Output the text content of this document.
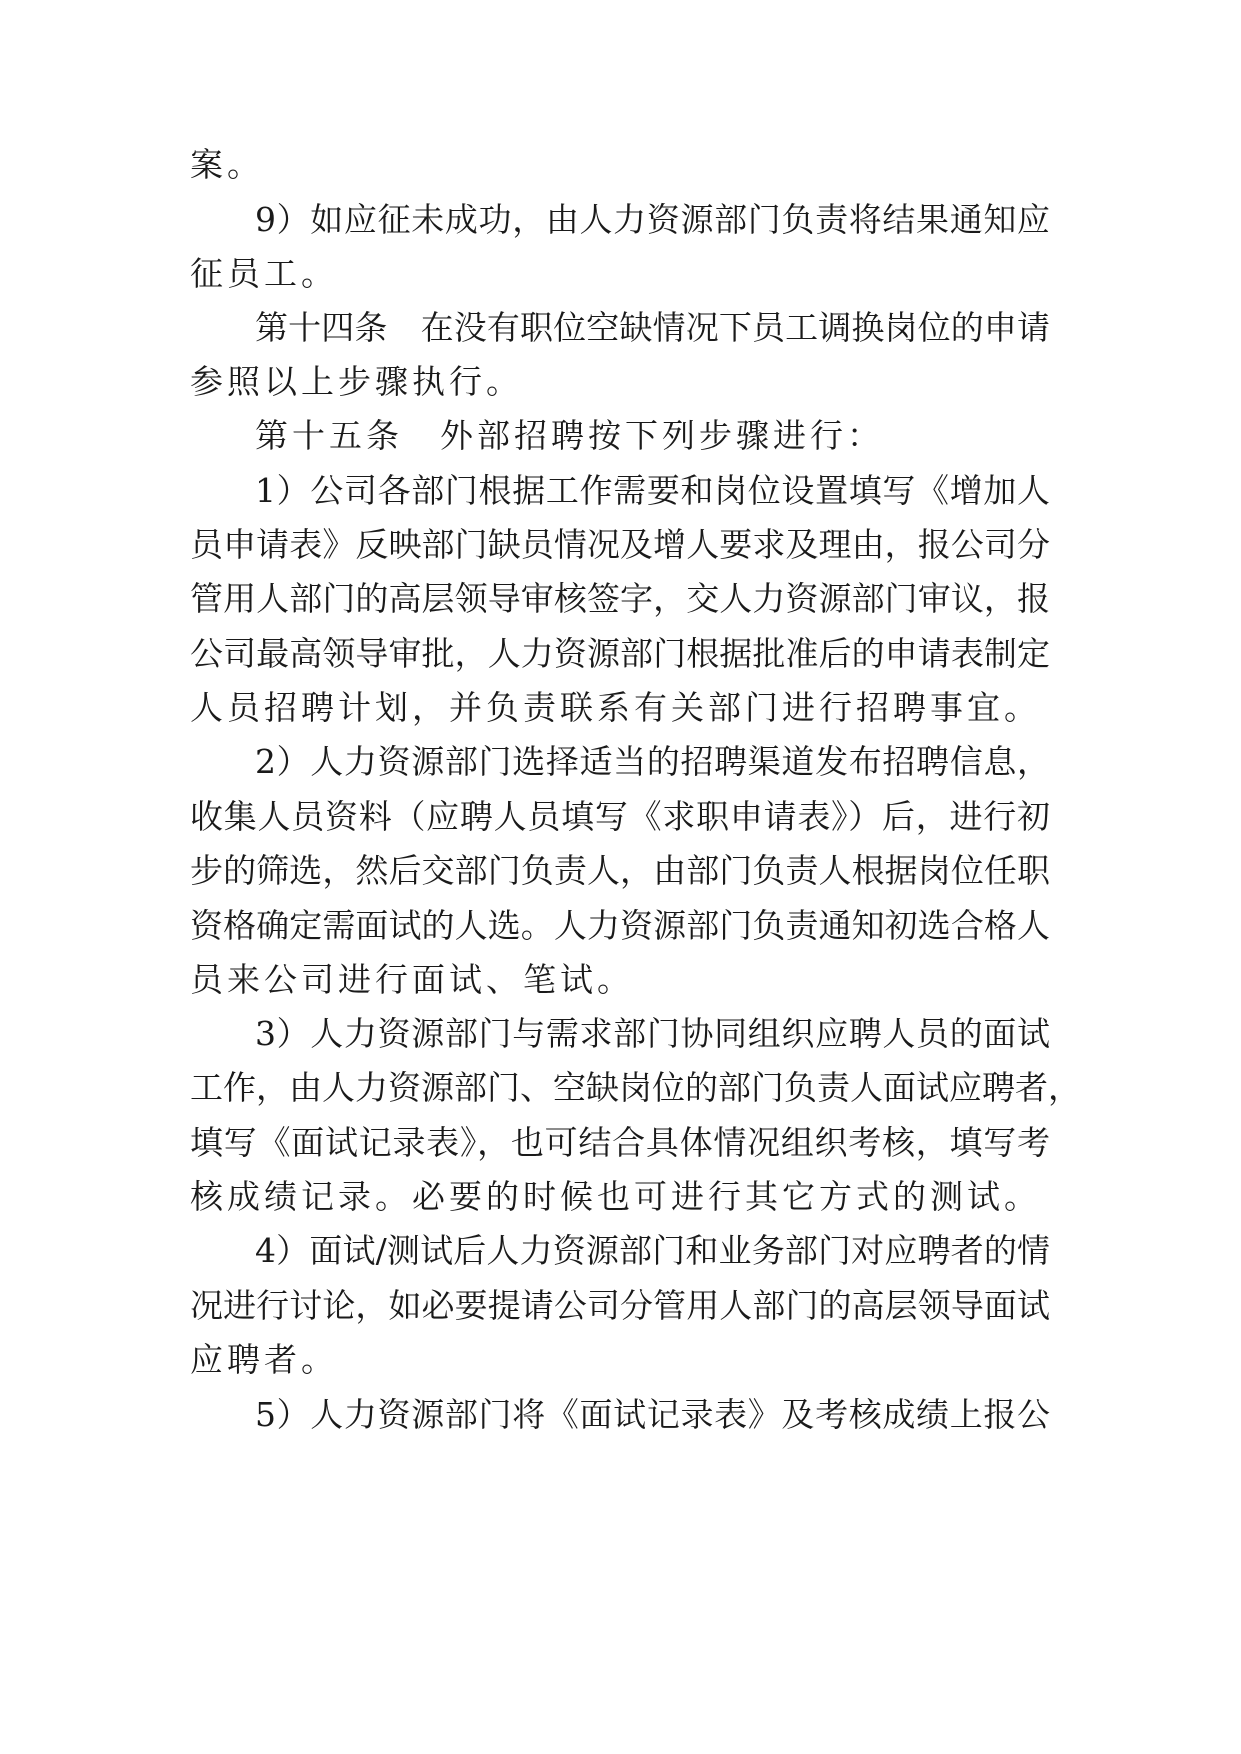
案。
9）如应征未成功，由人力资源部门负责将结果通知应
征员工。
第十四条　在没有职位空缺情况下员工调换岗位的申请
参照以上步骤执行。
第十五条　外部招聘按下列步骤进行：
1）公司各部门根据工作需要和岗位设置填写《增加人
员申请表》反映部门缺员情况及增人要求及理由，报公司分
管用人部门的高层领导审核签字，交人力资源部门审议，报
公司最高领导审批，人力资源部门根据批准后的申请表制定
人员招聘计划，并负责联系有关部门进行招聘事宜。
2）人力资源部门选择适当的招聘渠道发布招聘信息，
收集人员资料（应聘人员填写《求职申请表》）后，进行初
步的筛选，然后交部门负责人，由部门负责人根据岗位任职
资格确定需面试的人选。人力资源部门负责通知初选合格人
员来公司进行面试、笔试。
3）人力资源部门与需求部门协同组织应聘人员的面试
工作，由人力资源部门、空缺岗位的部门负责人面试应聘者，
填写《面试记录表》，也可结合具体情况组织考核，填写考
核成绩记录。必要的时候也可进行其它方式的测试。
4）面试/测试后人力资源部门和业务部门对应聘者的情
况进行讨论，如必要提请公司分管用人部门的高层领导面试
应聘者。
5）人力资源部门将《面试记录表》及考核成绩上报公
